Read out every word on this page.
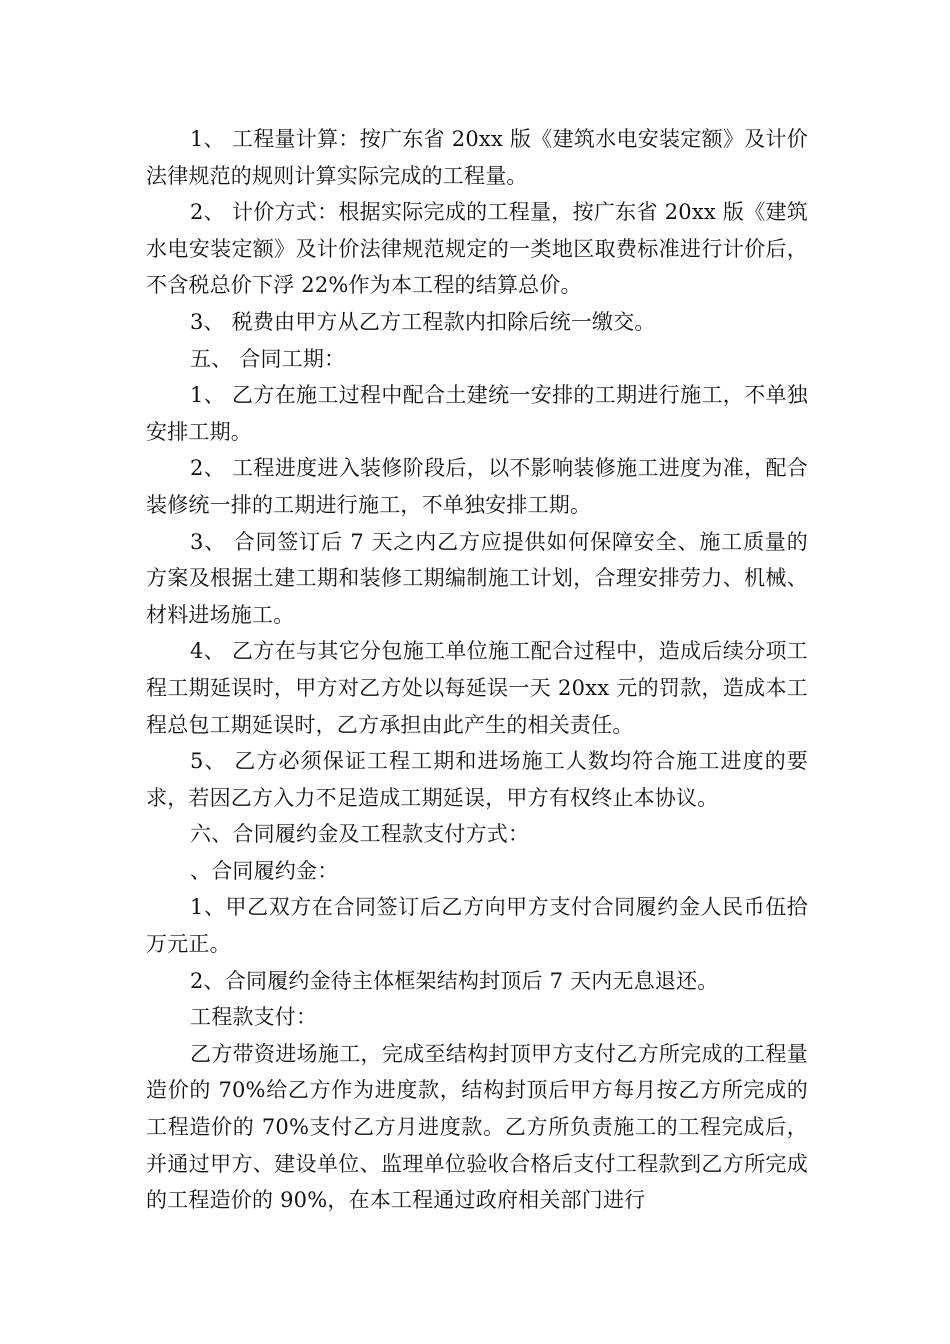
1、 工程量计算：按广东省 20xx 版《建筑水电安装定额》及计价法律规范的规则计算实际完成的工程量。

2、 计价方式：根据实际完成的工程量，按广东省 20xx 版《建筑水电安装定额》及计价法律规范规定的一类地区取费标准进行计价后，不含税总价下浮 22%作为本工程的结算总价。

3、 税费由甲方从乙方工程款内扣除后统一缴交。

五、 合同工期：

1、 乙方在施工过程中配合土建统一安排的工期进行施工，不单独安排工期。

2、 工程进度进入装修阶段后，以不影响装修施工进度为准，配合装修统一排的工期进行施工，不单独安排工期。

3、 合同签订后 7 天之内乙方应提供如何保障安全、施工质量的方案及根据土建工期和装修工期编制施工计划，合理安排劳力、机械、材料进场施工。

4、 乙方在与其它分包施工单位施工配合过程中，造成后续分项工程工期延误时，甲方对乙方处以每延误一天 20xx 元的罚款，造成本工程总包工期延误时，乙方承担由此产生的相关责任。

5、 乙方必须保证工程工期和进场施工人数均符合施工进度的要求，若因乙方入力不足造成工期延误，甲方有权终止本协议。

六、合同履约金及工程款支付方式：

、合同履约金：

1、甲乙双方在合同签订后乙方向甲方支付合同履约金人民币伍拾万元正。

2、合同履约金待主体框架结构封顶后 7 天内无息退还。

工程款支付：

乙方带资进场施工，完成至结构封顶甲方支付乙方所完成的工程量造价的 70%给乙方作为进度款，结构封顶后甲方每月按乙方所完成的工程造价的 70%支付乙方月进度款。乙方所负责施工的工程完成后，并通过甲方、建设单位、监理单位验收合格后支付工程款到乙方所完成的工程造价的 90%，在本工程通过政府相关部门进行
